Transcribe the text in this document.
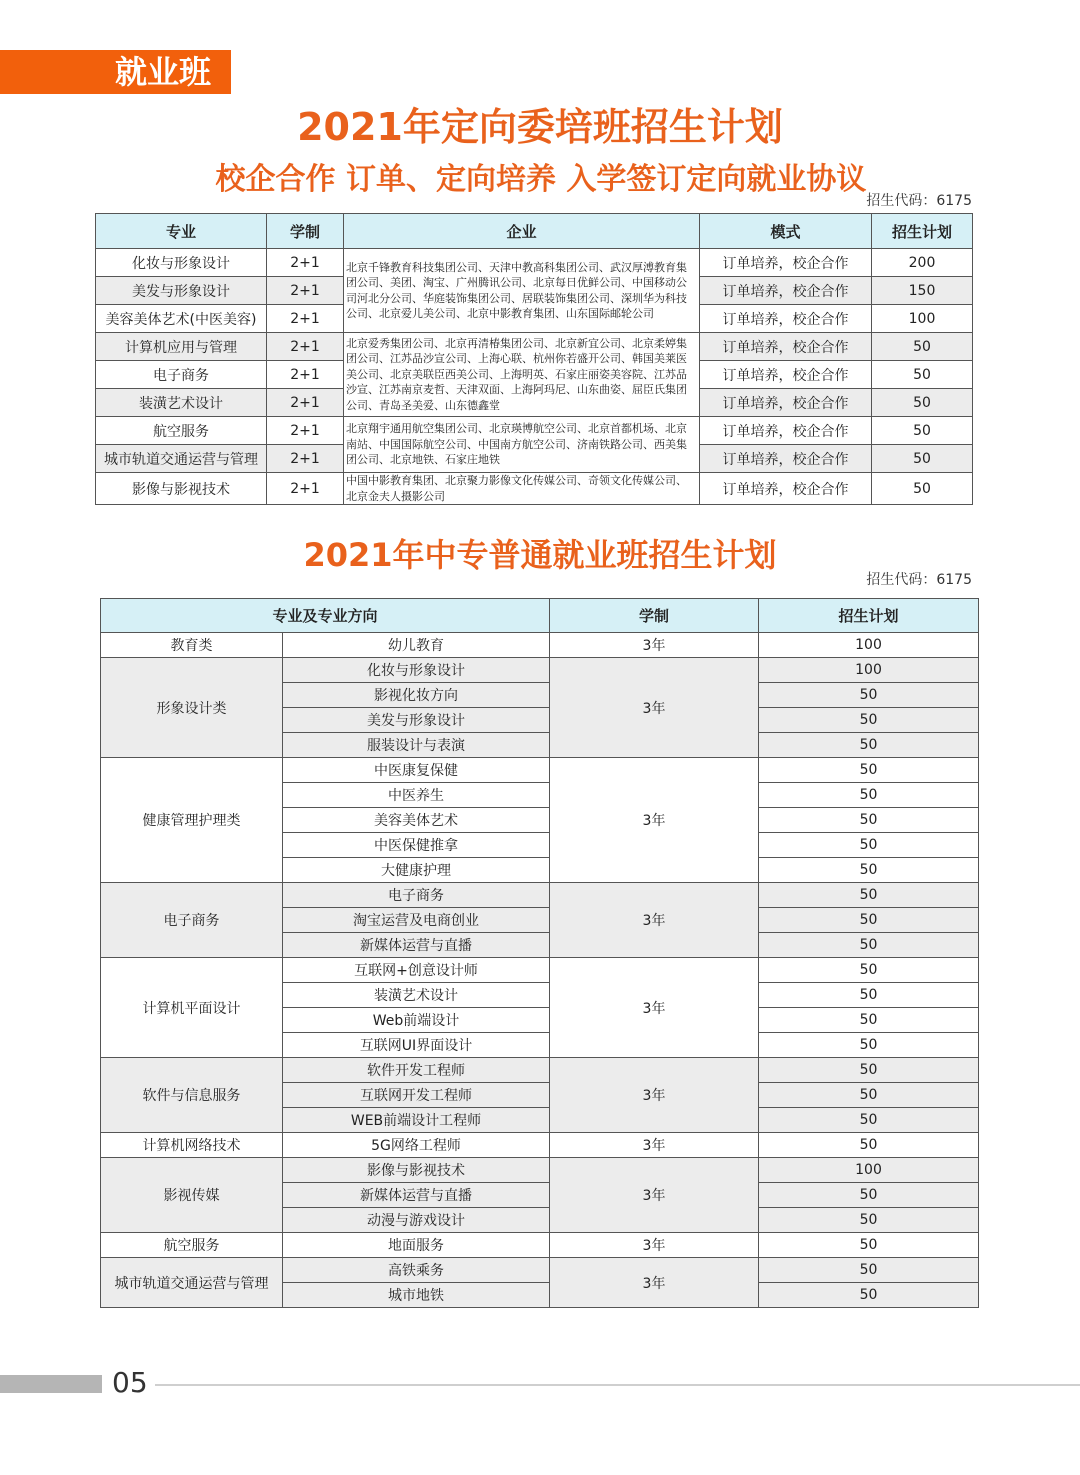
就业班
2021年定向委培班招生计划
校企合作 订单、定向培养 入学签订定向就业协议
招生代码：6175
专业	学制	企业	模式	招生计划
化妆与形象设计	2+1	北京千锋教育科技集团公司、天津中教高科集团公司、武汉厚溥教育集团公司、美团、淘宝、广州腾讯公司、北京每日优鲜公司、中国移动公司河北分公司、华庭装饰集团公司、居联装饰集团公司、深圳华为科技公司、北京爱儿美公司、北京中影教育集团、山东国际邮轮公司	订单培养，校企合作	200
美发与形象设计	2+1		订单培养，校企合作	150
美容美体艺术(中医美容)	2+1		订单培养，校企合作	100
计算机应用与管理	2+1	北京爱秀集团公司、北京再清椿集团公司、北京新宜公司、北京柔婷集团公司、江苏品沙宣公司、上海心联、杭州你若盛开公司、韩国美莱医美公司、北京美联臣西美公司、上海明英、石家庄丽姿美容院、江苏品沙宣、江苏南京麦哲、天津双面、上海阿玛尼、山东曲姿、屈臣氏集团公司、青岛圣美爱、山东德鑫堂	订单培养，校企合作	50
电子商务	2+1		订单培养，校企合作	50
装潢艺术设计	2+1		订单培养，校企合作	50
航空服务	2+1	北京翔宇通用航空集团公司、北京瑛博航空公司、北京首都机场、北京南站、中国国际航空公司、中国南方航空公司、济南铁路公司、西美集团公司、北京地铁、石家庄地铁	订单培养，校企合作	50
城市轨道交通运营与管理	2+1		订单培养，校企合作	50
影像与影视技术	2+1	中国中影教育集团、北京聚力影像文化传媒公司、奇领文化传媒公司、北京金夫人摄影公司	订单培养，校企合作	50
2021年中专普通就业班招生计划
招生代码：6175
专业及专业方向		学制	招生计划
教育类	幼儿教育	3年	100
形象设计类	化妆与形象设计	3年	100
	影视化妆方向		50
	美发与形象设计		50
	服装设计与表演		50
健康管理护理类	中医康复保健	3年	50
	中医养生		50
	美容美体艺术		50
	中医保健推拿		50
	大健康护理		50
电子商务	电子商务	3年	50
	淘宝运营及电商创业		50
	新媒体运营与直播		50
计算机平面设计	互联网+创意设计师	3年	50
	装潢艺术设计		50
	Web前端设计		50
	互联网UI界面设计		50
软件与信息服务	软件开发工程师	3年	50
	互联网开发工程师		50
	WEB前端设计工程师		50
计算机网络技术	5G网络工程师	3年	50
影视传媒	影像与影视技术	3年	100
	新媒体运营与直播		50
	动漫与游戏设计		50
航空服务	地面服务	3年	50
城市轨道交通运营与管理	高铁乘务	3年	50
	城市地铁		50
05
